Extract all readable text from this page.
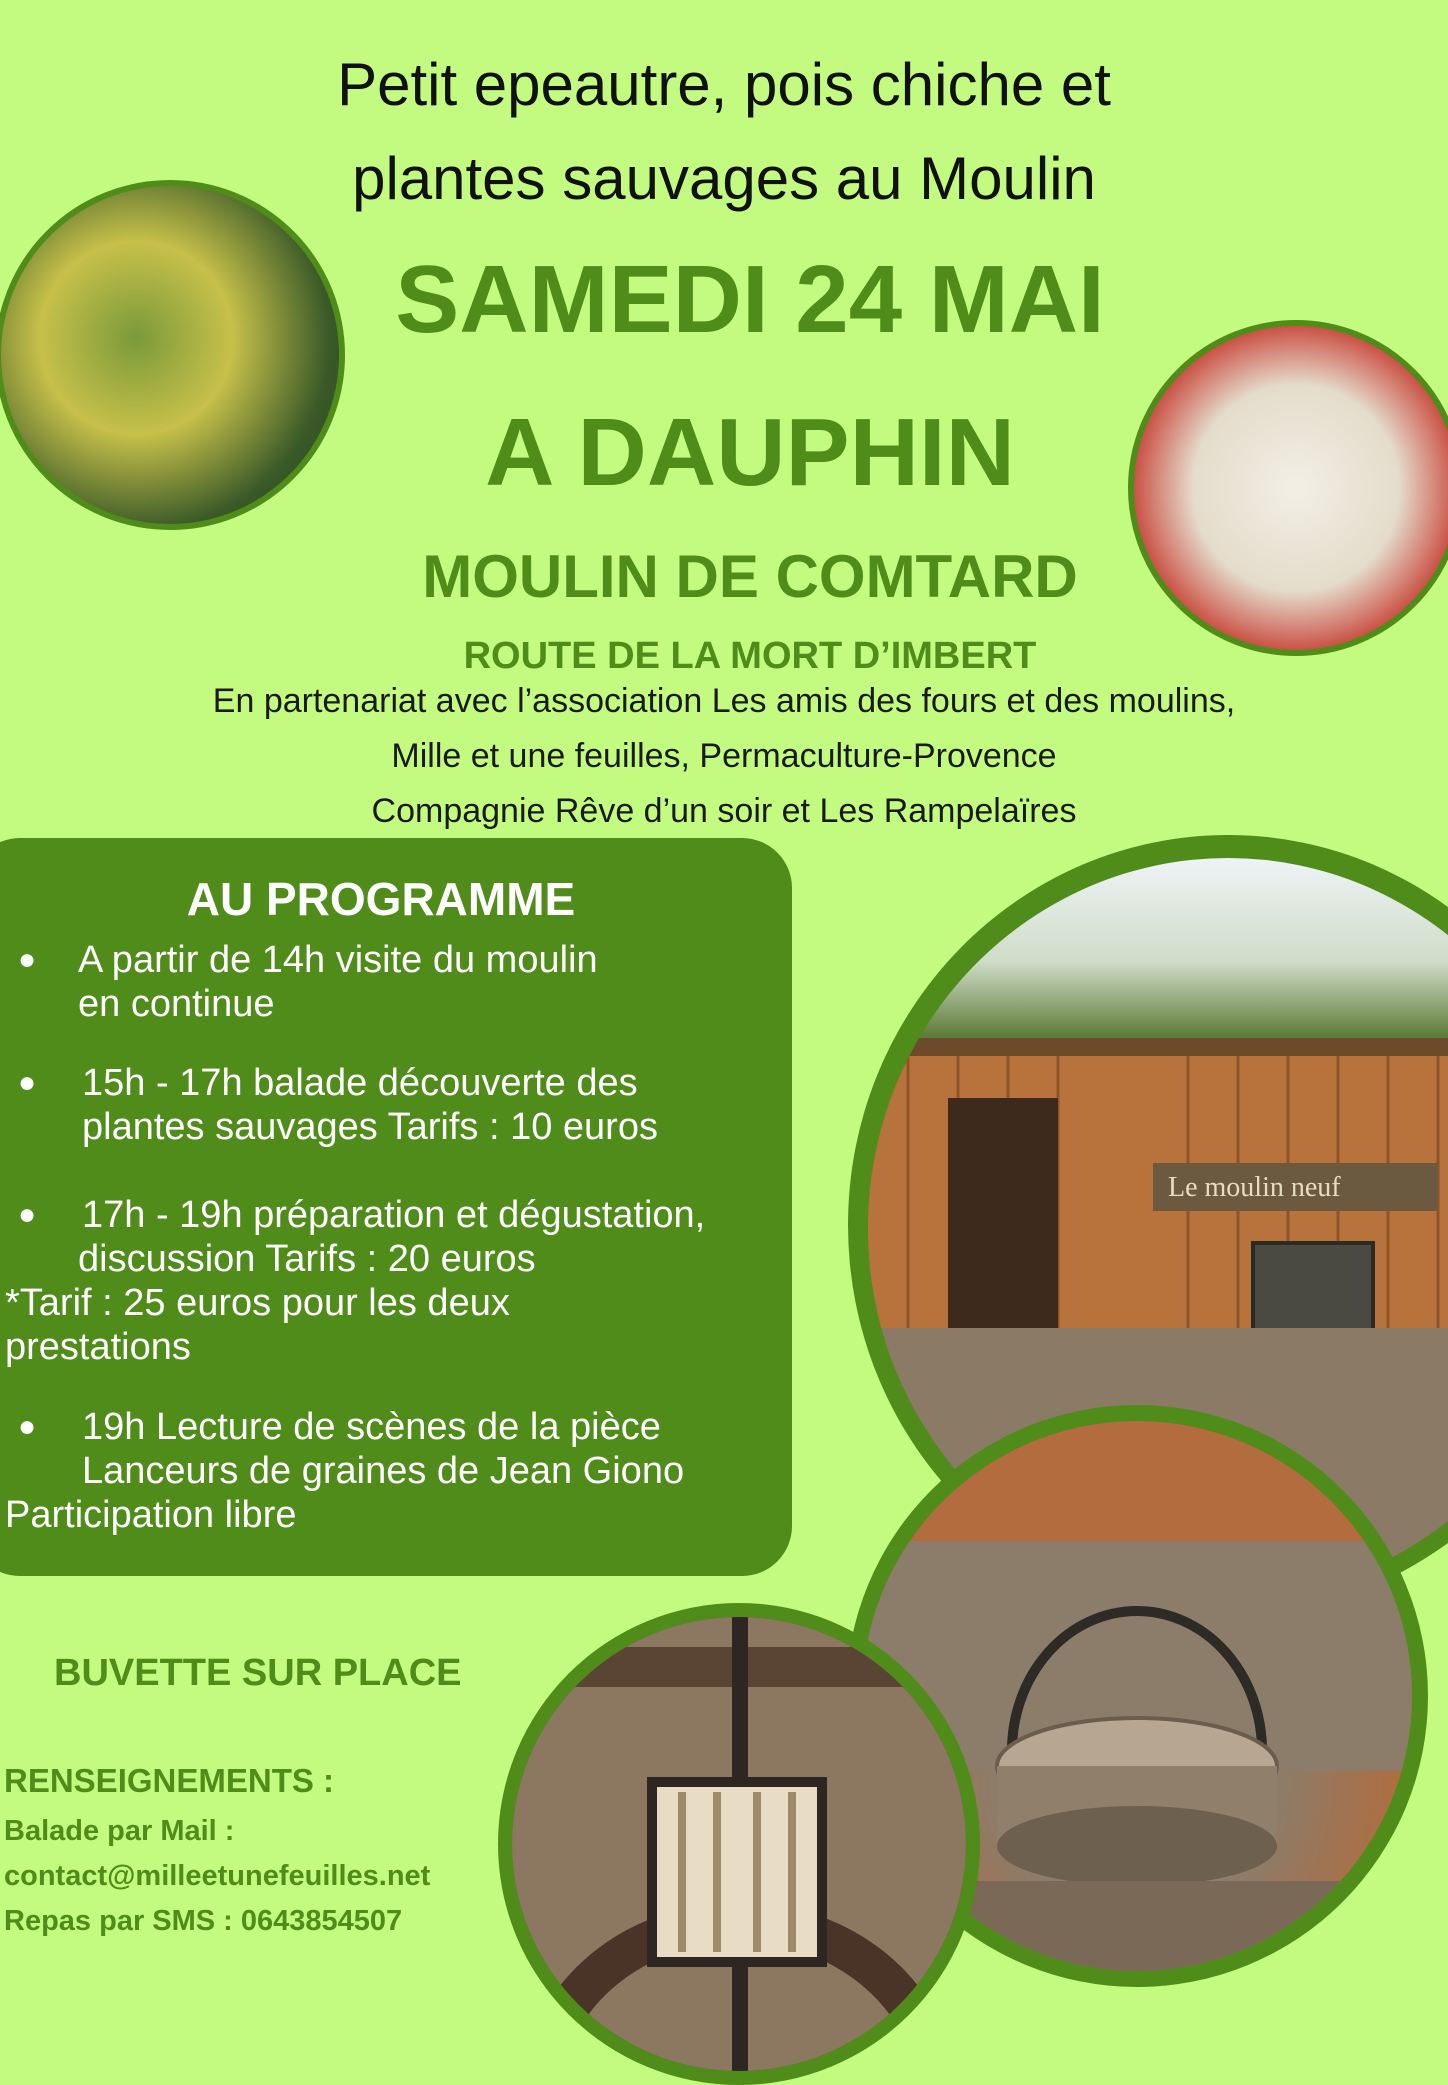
Petit epeautre, pois chiche et
plantes sauvages au Moulin
SAMEDI 24 MAI
A DAUPHIN
MOULIN DE COMTARD
ROUTE DE LA MORT D’IMBERT
En partenariat avec l’association Les amis des fours et des moulins,
Mille et une feuilles, Permaculture-Provence
Compagnie Rêve d’un soir et Les Rampelaïres
Le moulin neuf
AU PROGRAMME
● A partir de 14h visite du moulin
en continue
● 15h - 17h balade découverte des
plantes sauvages Tarifs : 10 euros
● 17h - 19h préparation et dégustation,
discussion Tarifs : 20 euros
*Tarif : 25 euros pour les deux
prestations
● 19h Lecture de scènes de la pièce
Lanceurs de graines de Jean Giono
Participation libre
BUVETTE SUR PLACE
RENSEIGNEMENTS :
Balade par Mail :
contact@milleetunefeuilles.net
Repas par SMS : 0643854507
